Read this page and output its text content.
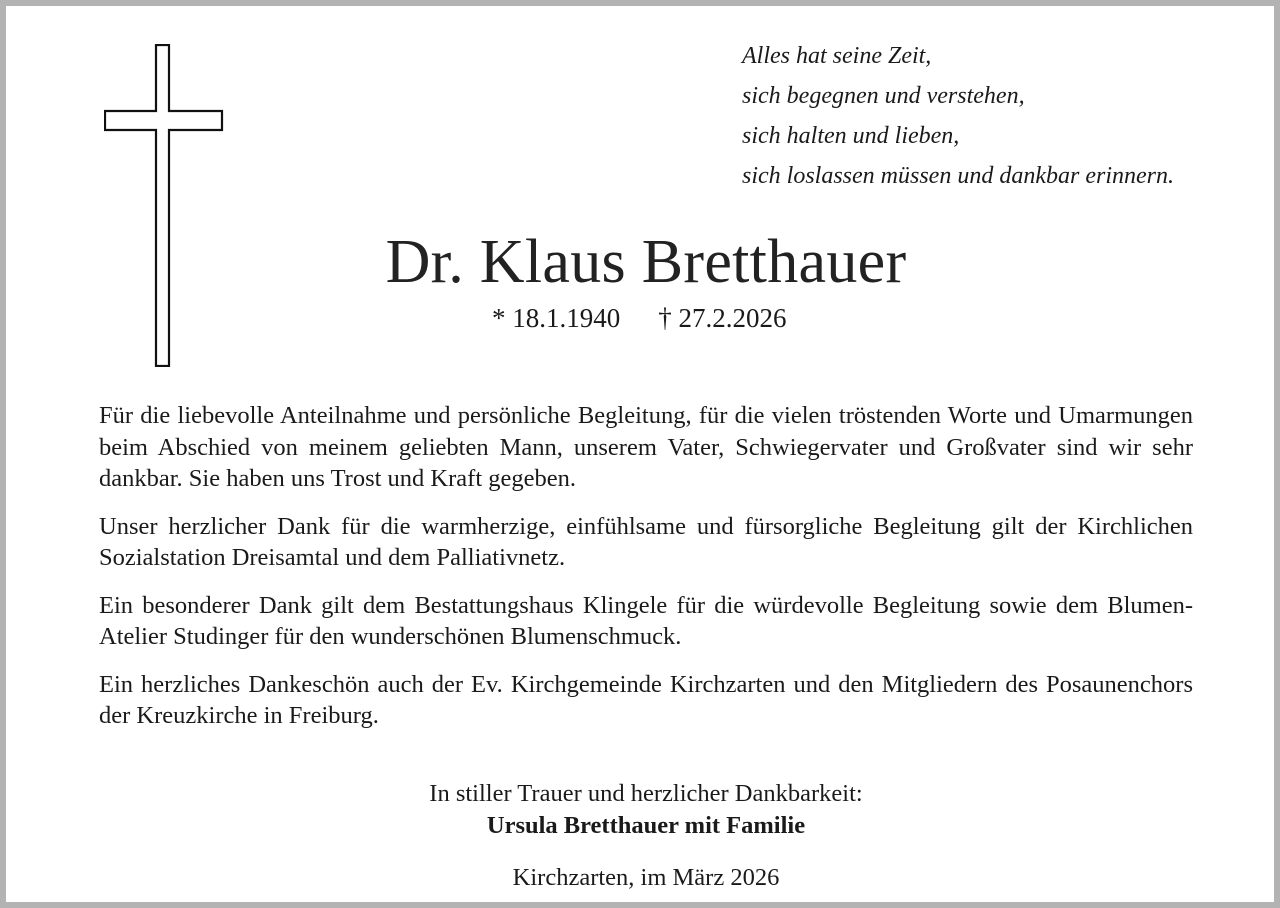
Alles hat seine Zeit,
sich begegnen und verstehen,
sich halten und lieben,
sich loslassen müssen und dankbar erinnern.
Dr. Klaus Bretthauer
* 18.1.1940 † 27.2.2026

Für die liebevolle Anteilnahme und persönliche Begleitung, für die vielen tröstenden Worte und Umarmungen beim Abschied von meinem geliebten Mann, unserem Vater, Schwiegervater und Großvater sind wir sehr dankbar. Sie haben uns Trost und Kraft gegeben.

Unser herzlicher Dank für die warmherzige, einfühlsame und fürsorgliche Begleitung gilt der Kirchlichen Sozialstation Dreisamtal und dem Palliativnetz.

Ein besonderer Dank gilt dem Bestattungshaus Klingele für die würdevolle Begleitung sowie dem Blumen-Atelier Studinger für den wunderschönen Blumenschmuck.

Ein herzliches Dankeschön auch der Ev. Kirchgemeinde Kirchzarten und den Mitgliedern des Posaunenchors der Kreuzkirche in Freiburg.

In stiller Trauer und herzlicher Dankbarkeit:
Ursula Bretthauer mit Familie
Kirchzarten, im März 2026
